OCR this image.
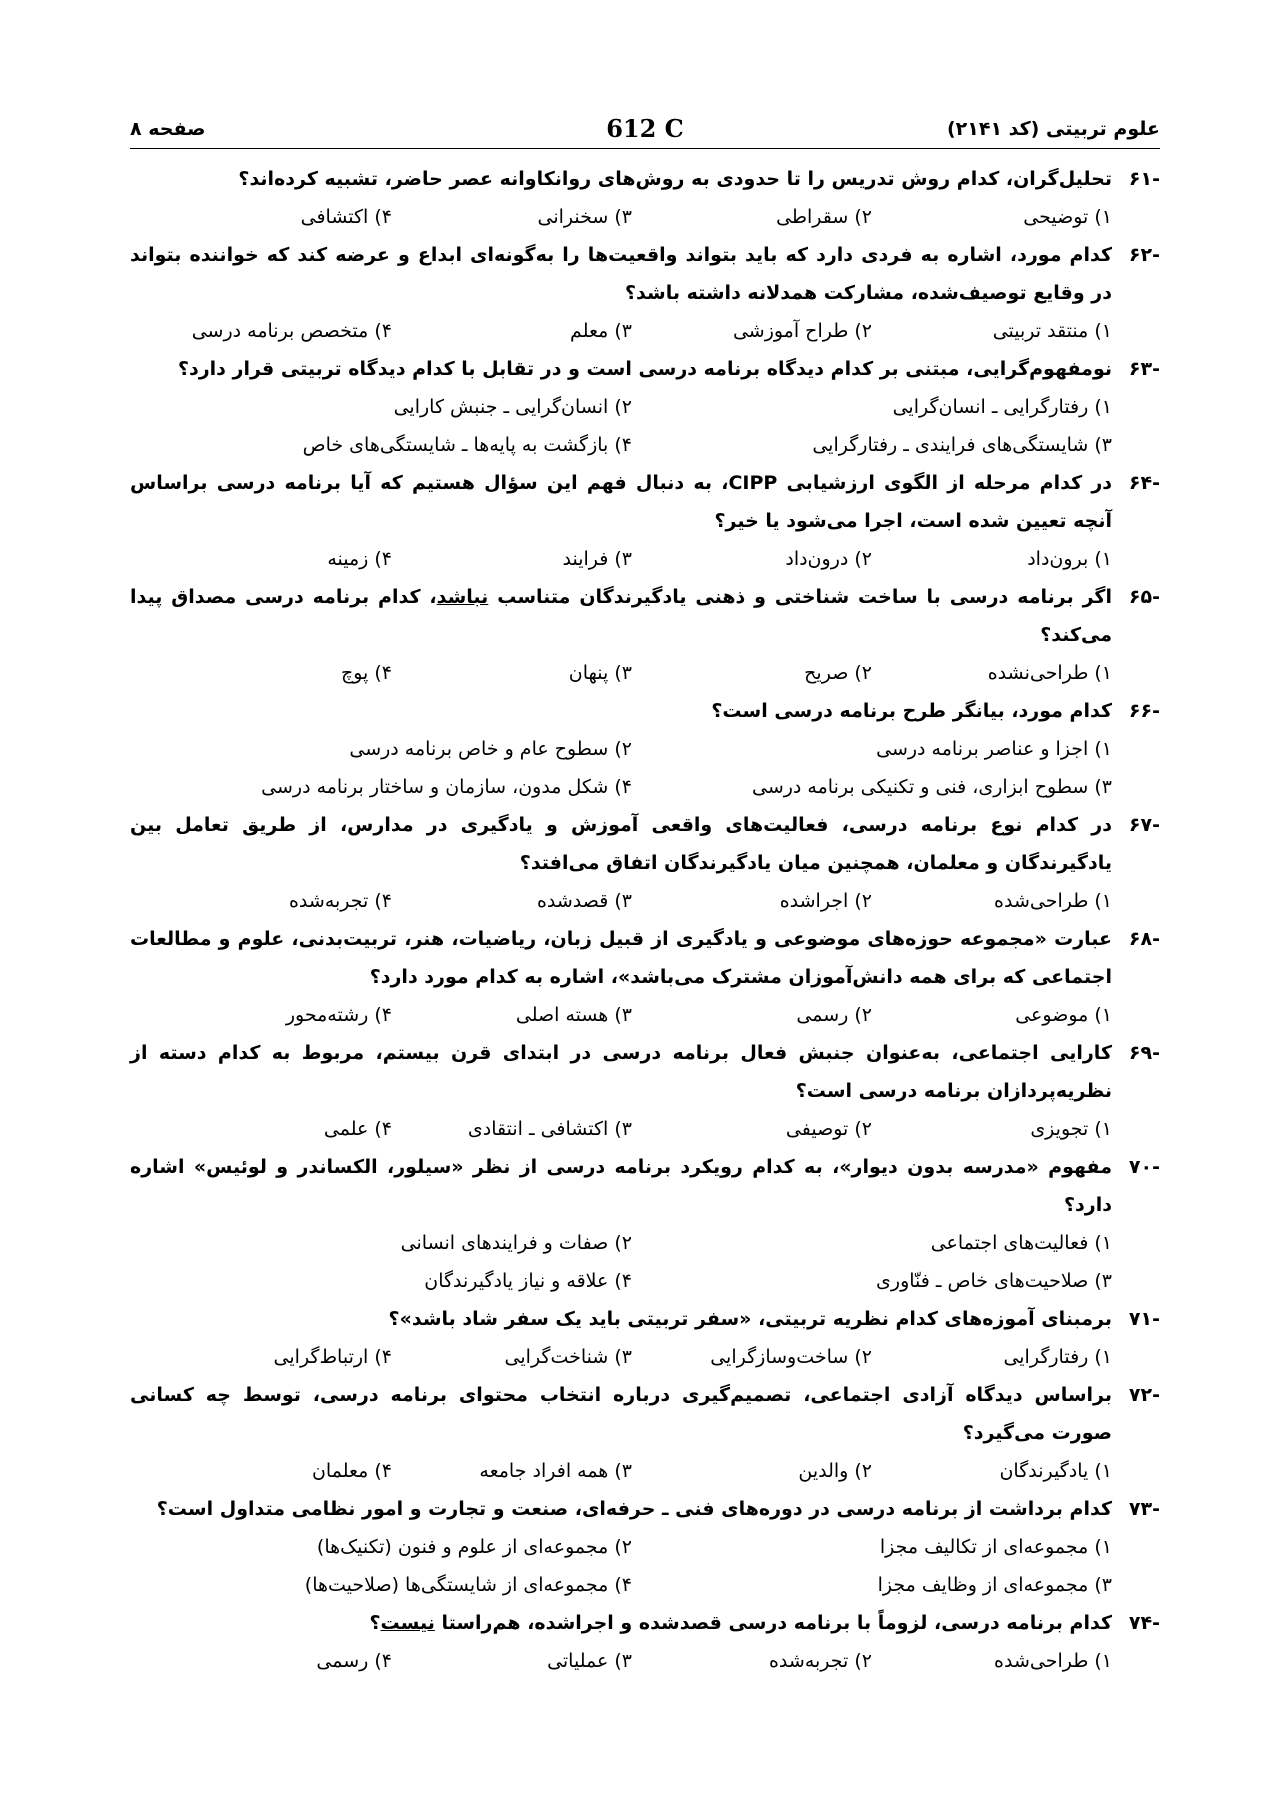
علوم تربیتی (کد ۲۱۴۱)
612 C
صفحه ۸
-۶۱
تحلیل‌گران، کدام روش تدریس را تا حدودی به روش‌های روانکاوانه عصر حاضر، تشبیه کرده‌اند؟
۱) توضیحی
۲) سقراطی
۳) سخنرانی
۴) اکتشافی
-۶۲
کدام مورد، اشاره به فردی دارد که باید بتواند واقعیت‌ها را به‌گونه‌ای ابداع و عرضه کند که خواننده بتواند در وقایع توصیف‌شده، مشارکت همدلانه داشته باشد؟
۱) منتقد تربیتی
۲) طراح آموزشی
۳) معلم
۴) متخصص برنامه درسی
-۶۳
نومفهوم‌گرایی، مبتنی بر کدام دیدگاه برنامه درسی است و در تقابل با کدام دیدگاه تربیتی قرار دارد؟
۱) رفتارگرایی ـ انسان‌گرایی
۲) انسان‌گرایی ـ جنبش کارایی
۳) شایستگی‌های فرایندی ـ رفتارگرایی
۴) بازگشت به پایه‌ها ـ شایستگی‌های خاص
-۶۴
در کدام مرحله از الگوی ارزشیابی CIPP، به دنبال فهم این سؤال هستیم که آیا برنامه درسی براساس آنچه تعیین شده است، اجرا می‌شود یا خیر؟
۱) برون‌داد
۲) درون‌داد
۳) فرایند
۴) زمینه
-۶۵
اگر برنامه درسی با ساخت شناختی و ذهنی یادگیرندگان متناسب نباشد، کدام برنامه درسی مصداق پیدا می‌کند؟
۱) طراحی‌نشده
۲) صریح
۳) پنهان
۴) پوچ
-۶۶
کدام مورد، بیانگر طرح برنامه درسی است؟
۱) اجزا و عناصر برنامه درسی
۲) سطوح عام و خاص برنامه درسی
۳) سطوح ابزاری، فنی و تکنیکی برنامه درسی
۴) شکل مدون، سازمان و ساختار برنامه درسی
-۶۷
در کدام نوع برنامه درسی، فعالیت‌های واقعی آموزش و یادگیری در مدارس، از طریق تعامل بین یادگیرندگان و معلمان، همچنین میان یادگیرندگان اتفاق می‌افتد؟
۱) طراحی‌شده
۲) اجراشده
۳) قصدشده
۴) تجربه‌شده
-۶۸
عبارت «مجموعه حوزه‌های موضوعی و یادگیری از قبیل زبان، ریاضیات، هنر، تربیت‌بدنی، علوم و مطالعات اجتماعی که برای همه دانش‌آموزان مشترک می‌باشد»، اشاره به کدام مورد دارد؟
۱) موضوعی
۲) رسمی
۳) هسته اصلی
۴) رشته‌محور
-۶۹
کارایی اجتماعی، به‌عنوان جنبش فعال برنامه درسی در ابتدای قرن بیستم، مربوط به کدام دسته از نظریه‌پردازان برنامه درسی است؟
۱) تجویزی
۲) توصیفی
۳) اکتشافی ـ انتقادی
۴) علمی
-۷۰
مفهوم «مدرسه بدون دیوار»، به کدام رویکرد برنامه درسی از نظر «سیلور، الکساندر و لوئیس» اشاره دارد؟
۱) فعالیت‌های اجتماعی
۲) صفات و فرایندهای انسانی
۳) صلاحیت‌های خاص ـ فنّاوری
۴) علاقه و نیاز یادگیرندگان
-۷۱
برمبنای آموزه‌های کدام نظریه تربیتی، «سفر تربیتی باید یک سفر شاد باشد»؟
۱) رفتارگرایی
۲) ساخت‌وسازگرایی
۳) شناخت‌گرایی
۴) ارتباط‌گرایی
-۷۲
براساس دیدگاه آزادی اجتماعی، تصمیم‌گیری درباره انتخاب محتوای برنامه درسی، توسط چه کسانی صورت می‌گیرد؟
۱) یادگیرندگان
۲) والدین
۳) همه افراد جامعه
۴) معلمان
-۷۳
کدام برداشت از برنامه درسی در دوره‌های فنی ـ حرفه‌ای، صنعت و تجارت و امور نظامی متداول است؟
۱) مجموعه‌ای از تکالیف مجزا
۲) مجموعه‌ای از علوم و فنون (تکنیک‌ها)
۳) مجموعه‌ای از وظایف مجزا
۴) مجموعه‌ای از شایستگی‌ها (صلاحیت‌ها)
-۷۴
کدام برنامه درسی، لزوماً با برنامه درسی قصدشده و اجراشده، هم‌راستا نیست؟
۱) طراحی‌شده
۲) تجربه‌شده
۳) عملیاتی
۴) رسمی
